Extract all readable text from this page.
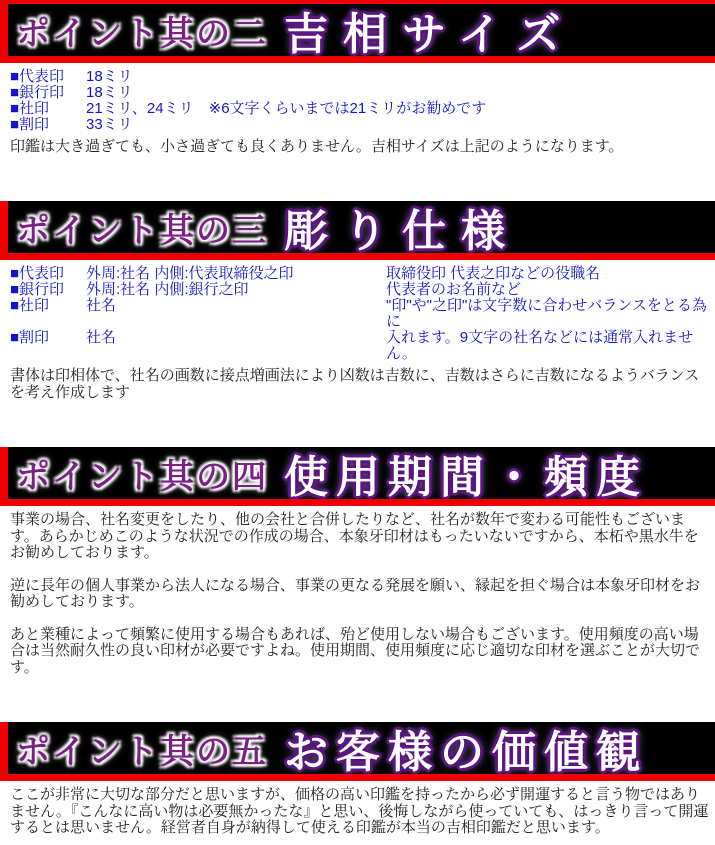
ポイント其の二 吉相サイズ
■代表印	18ミリ
■銀行印	18ミリ
■社印	21ミリ、24ミリ　※6文字くらいまでは21ミリがお勧めです
■割印	33ミリ
印鑑は大き過ぎても、小さ過ぎても良くありません。吉相サイズは上記のようになります。
ポイント其の三 彫り仕様
■代表印	外周:社名 内側:代表取締役之印	取締役印 代表之印などの役職名
■銀行印	外周:社名 内側:銀行之印	代表者のお名前など
■社印	社名	"印"や"之印"は文字数に合わせバランスをとる為に
■割印	社名	入れます。9文字の社名などには通常入れません。
書体は印相体で、社名の画数に接点増画法により凶数は吉数に、吉数はさらに吉数になるようバランスを考え作成します
ポイント其の四 使用期間・頻度

事業の場合、社名変更をしたり、他の会社と合併したりなど、社名が数年で変わる可能性もございます。あらかじめこのような状況での作成の場合、本象牙印材はもったいないですから、本柘や黒水牛をお勧めしております。

逆に長年の個人事業から法人になる場合、事業の更なる発展を願い、縁起を担ぐ場合は本象牙印材をお勧めしております。

あと業種によって頻繁に使用する場合もあれば、殆ど使用しない場合もございます。使用頻度の高い場合は当然耐久性の良い印材が必要ですよね。使用期間、使用頻度に応じ適切な印材を選ぶことが大切です。

ポイント其の五 お客様の価値観

ここが非常に大切な部分だと思いますが、価格の高い印鑑を持ったから必ず開運すると言う物ではありません。『こんなに高い物は必要無かったな』と思い、後悔しながら使っていても、はっきり言って開運するとは思いません。経営者自身が納得して使える印鑑が本当の吉相印鑑だと思います。
